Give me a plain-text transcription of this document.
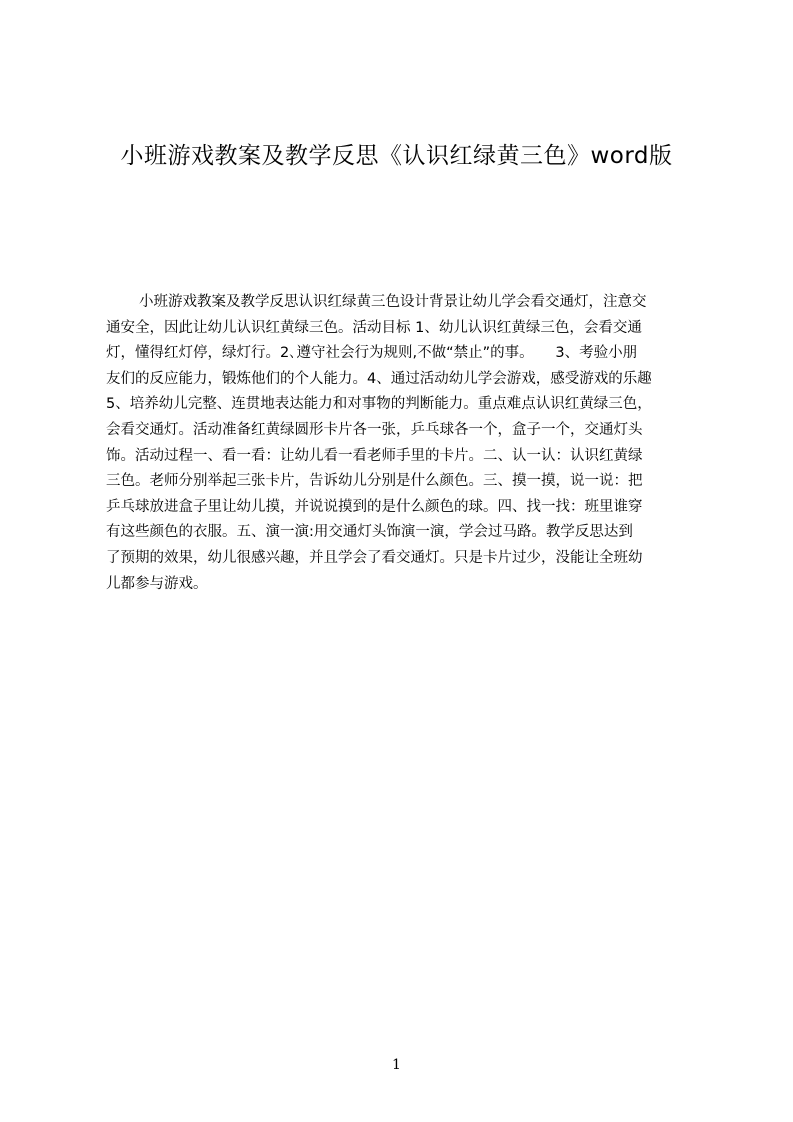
小班游戏教案及教学反思《认识红绿黄三色》word版
小班游戏教案及教学反思认识红绿黄三色设计背景让幼儿学会看交通灯，注意交
通安全，因此让幼儿认识红黄绿三色。活动目标 1、幼儿认识红黄绿三色，会看交通
灯，懂得红灯停，绿灯行。2､遵守社会行为规则,不做“禁止”的事。　　3、考验小朋
友们的反应能力，锻炼他们的个人能力。4、通过活动幼儿学会游戏，感受游戏的乐趣
5、培养幼儿完整、连贯地表达能力和对事物的判断能力。重点难点认识红黄绿三色，
会看交通灯。活动准备红黄绿圆形卡片各一张，乒乓球各一个，盒子一个，交通灯头
饰。活动过程一、看一看：让幼儿看一看老师手里的卡片。二、认一认：认识红黄绿
三色。老师分别举起三张卡片，告诉幼儿分别是什么颜色。三、摸一摸，说一说：把
乒乓球放进盒子里让幼儿摸，并说说摸到的是什么颜色的球。四、找一找：班里谁穿
有这些颜色的衣服。五、演一演:用交通灯头饰演一演，学会过马路。教学反思达到
了预期的效果，幼儿很感兴趣，并且学会了看交通灯。只是卡片过少，没能让全班幼
儿都参与游戏。
1
